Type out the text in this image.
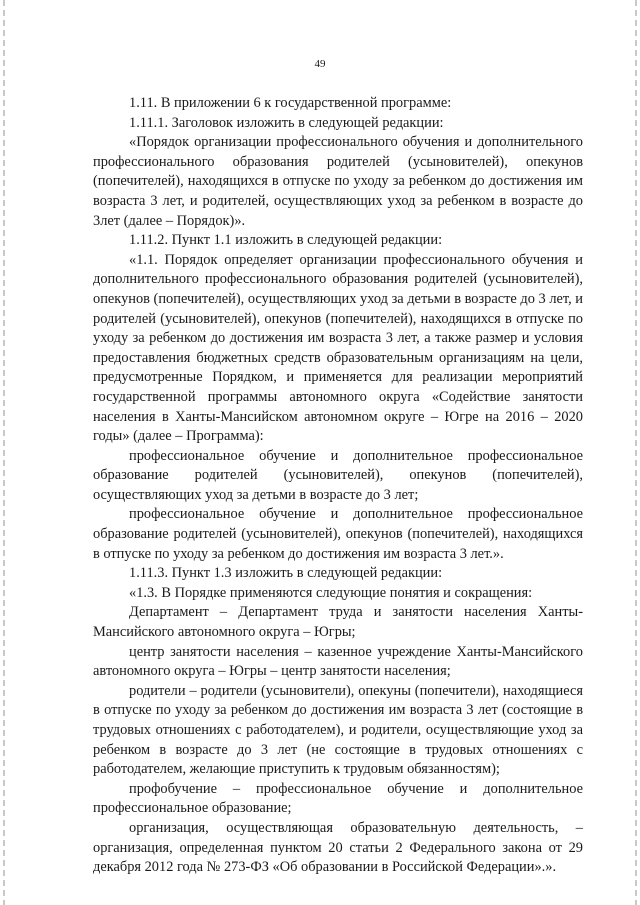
49

1.11. В приложении 6 к государственной программе:

1.11.1. Заголовок изложить в следующей редакции:

«Порядок организации профессионального обучения и дополнительного профессионального образования родителей (усыновителей), опекунов (попечителей), находящихся в отпуске по уходу за ребенком до достижения им возраста 3 лет, и родителей, осуществляющих уход за ребенком в возрасте до 3лет (далее – Порядок)».

1.11.2. Пункт 1.1 изложить в следующей редакции:

«1.1. Порядок определяет организации профессионального обучения и дополнительного профессионального образования родителей (усыновителей), опекунов (попечителей), осуществляющих уход за детьми в возрасте до 3 лет, и родителей (усыновителей), опекунов (попечителей), находящихся в отпуске по уходу за ребенком до достижения им возраста 3 лет, а также размер и условия предоставления бюджетных средств образовательным организациям на цели, предусмотренные Порядком, и применяется для реализации мероприятий государственной программы автономного округа «Содействие занятости населения в Ханты-Мансийском автономном округе – Югре на 2016 – 2020 годы» (далее – Программа):

профессиональное обучение и дополнительное профессиональное образование родителей (усыновителей), опекунов (попечителей), осуществляющих уход за детьми в возрасте до 3 лет;

профессиональное обучение и дополнительное профессиональное образование родителей (усыновителей), опекунов (попечителей), находящихся в отпуске по уходу за ребенком до достижения им возраста 3 лет.».

1.11.3. Пункт 1.3 изложить в следующей редакции:

«1.3. В Порядке применяются следующие понятия и сокращения:

Департамент – Департамент труда и занятости населения Ханты-Мансийского автономного округа – Югры;

центр занятости населения – казенное учреждение Ханты-Мансийского автономного округа – Югры – центр занятости населения;

родители – родители (усыновители), опекуны (попечители), находящиеся в отпуске по уходу за ребенком до достижения им возраста 3 лет (состоящие в трудовых отношениях с работодателем), и родители, осуществляющие уход за ребенком в возрасте до 3 лет (не состоящие в трудовых отношениях с работодателем, желающие приступить к трудовым обязанностям);

профобучение – профессиональное обучение и дополнительное профессиональное образование;

организация, осуществляющая образовательную деятельность, – организация, определенная пунктом 20 статьи 2 Федерального закона от 29 декабря 2012 года № 273-ФЗ «Об образовании в Российской Федерации».».
